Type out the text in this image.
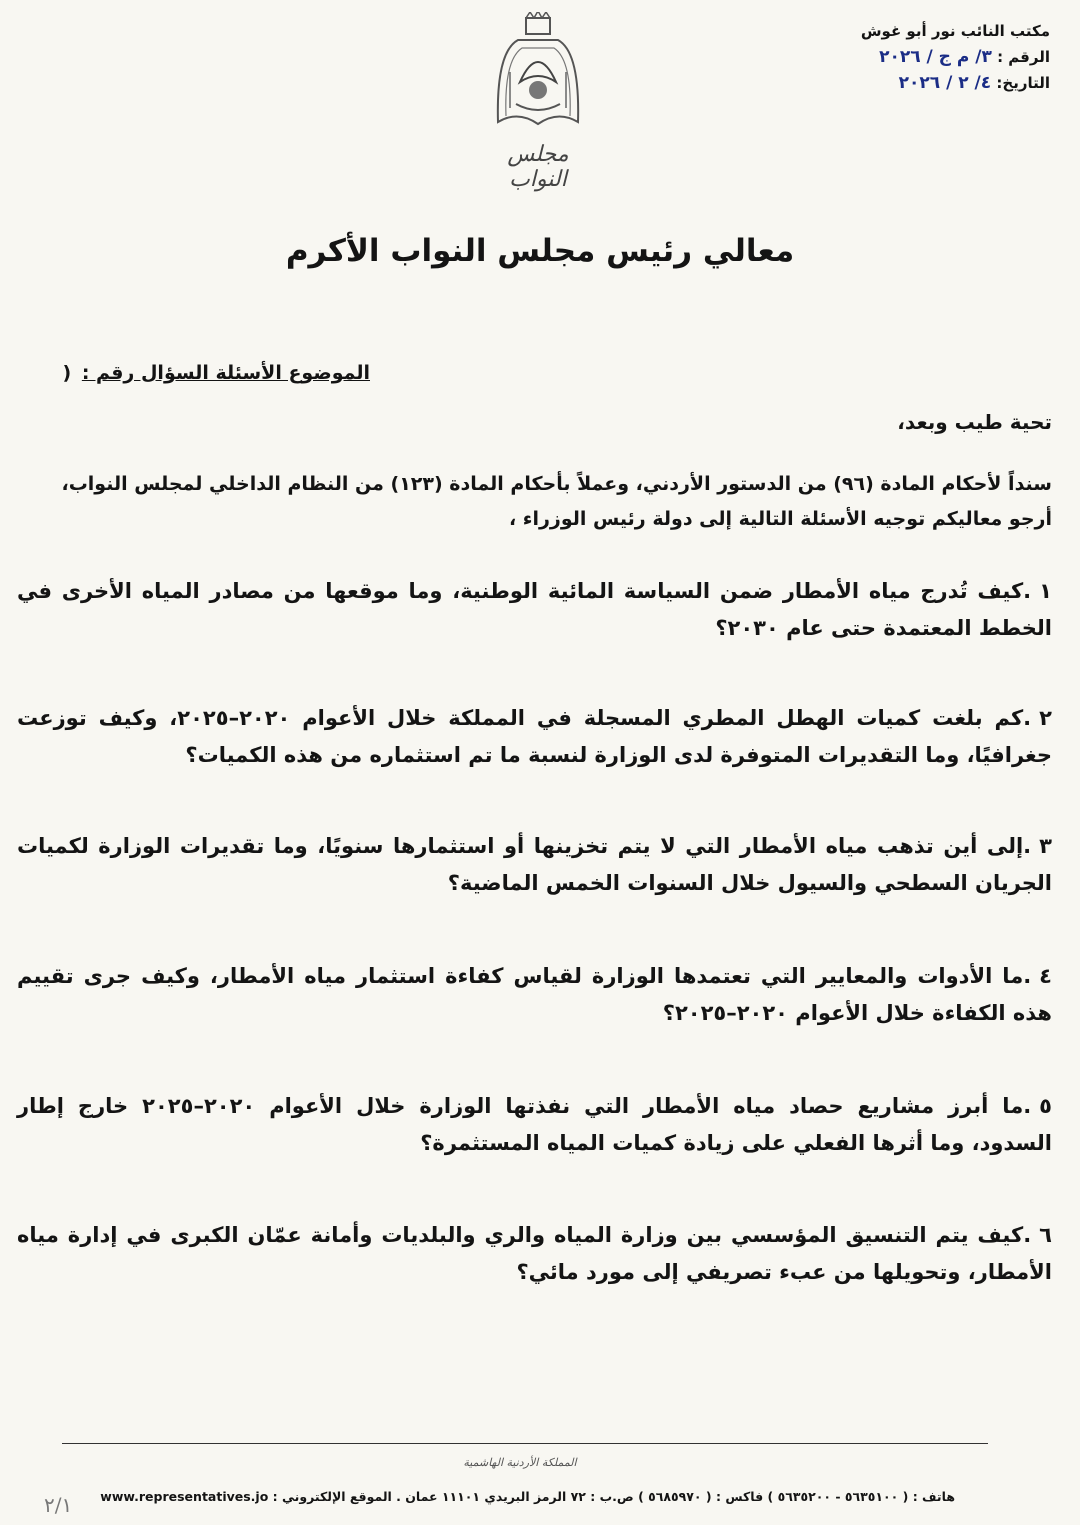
مكتب النائب نور أبو غوش
الرقم : ٣/ م ج / ٢٠٢٦
التاريخ: ٤/ ٢ / ٢٠٢٦
مجلس النواب
معالي رئيس مجلس النواب الأكرم
الموضوع الأسئلة السؤال رقم : (
تحية طيب وبعد،
سنداً لأحكام المادة (٩٦) من الدستور الأردني، وعملاً بأحكام المادة (١٢٣) من النظام الداخلي لمجلس النواب،
أرجو معاليكم توجيه الأسئلة التالية إلى دولة رئيس الوزراء ،
١.كيف تُدرج مياه الأمطار ضمن السياسة المائية الوطنية، وما موقعها من مصادر المياه الأخرى في الخطط المعتمدة حتى عام ٢٠٣٠؟
٢.كم بلغت كميات الهطل المطري المسجلة في المملكة خلال الأعوام ٢٠٢٠–٢٠٢٥، وكيف توزعت جغرافيًا، وما التقديرات المتوفرة لدى الوزارة لنسبة ما تم استثماره من هذه الكميات؟
٣.إلى أين تذهب مياه الأمطار التي لا يتم تخزينها أو استثمارها سنويًا، وما تقديرات الوزارة لكميات الجريان السطحي والسيول خلال السنوات الخمس الماضية؟
٤.ما الأدوات والمعايير التي تعتمدها الوزارة لقياس كفاءة استثمار مياه الأمطار، وكيف جرى تقييم هذه الكفاءة خلال الأعوام ٢٠٢٠–٢٠٢٥؟
٥.ما أبرز مشاريع حصاد مياه الأمطار التي نفذتها الوزارة خلال الأعوام ٢٠٢٠–٢٠٢٥ خارج إطار السدود، وما أثرها الفعلي على زيادة كميات المياه المستثمرة؟
٦.كيف يتم التنسيق المؤسسي بين وزارة المياه والري والبلديات وأمانة عمّان الكبرى في إدارة مياه الأمطار، وتحويلها من عبء تصريفي إلى مورد مائي؟
المملكة الأردنية الهاشمية
هاتف : ( ٥٦٣٥١٠٠ - ٥٦٣٥٢٠٠ ) فاكس : ( ٥٦٨٥٩٧٠ ) ص.ب : ٧٢ الرمز البريدي ١١١٠١ عمان . الموقع الإلكتروني : www.representatives.jo
٢/١
